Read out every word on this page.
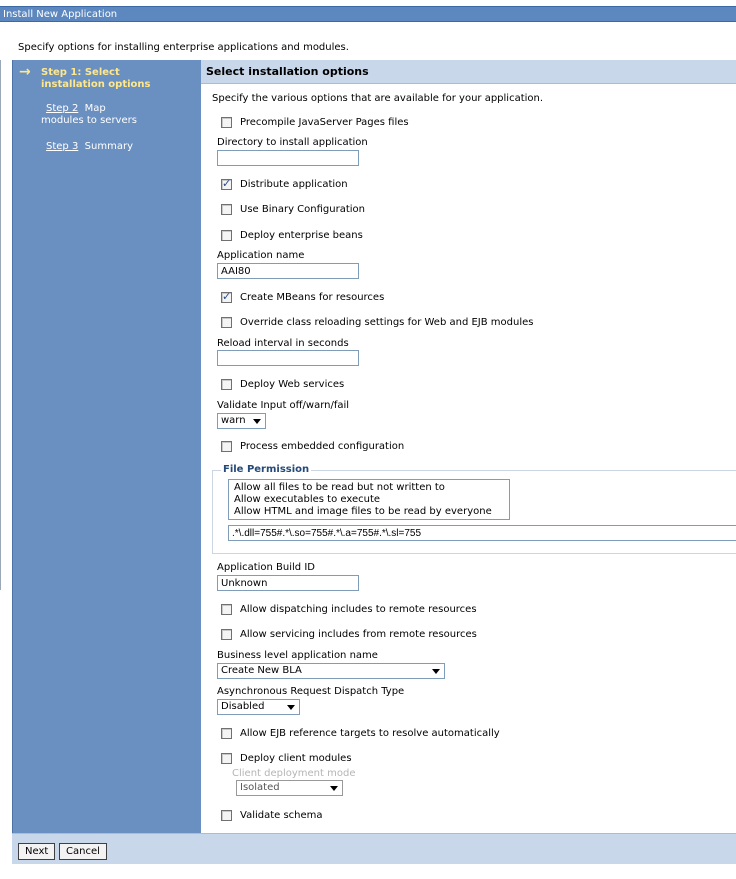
Install New Application
Specify options for installing enterprise applications and modules.
→ Step 1: Select
installation options
Step 2 Map
modules to servers
Step 3 Summary
Select installation options
Specify the various options that are available for your application.
Precompile JavaServer Pages files
Directory to install application
✓
Distribute application
Use Binary Configuration
Deploy enterprise beans
Application name
AAI80
✓
Create MBeans for resources
Override class reloading settings for Web and EJB modules
Reload interval in seconds
Deploy Web services
Validate Input off/warn/fail
warn
Process embedded configuration
File Permission
Allow all files to be read but not written to
Allow executables to execute
Allow HTML and image files to be read by everyone
.*\.dll=755#.*\.so=755#.*\.a=755#.*\.sl=755
Application Build ID
Unknown
Allow dispatching includes to remote resources
Allow servicing includes from remote resources
Business level application name
Create New BLA
Asynchronous Request Dispatch Type
Disabled
Allow EJB reference targets to resolve automatically
Deploy client modules
Client deployment mode
Isolated
Validate schema
Next	Cancel
